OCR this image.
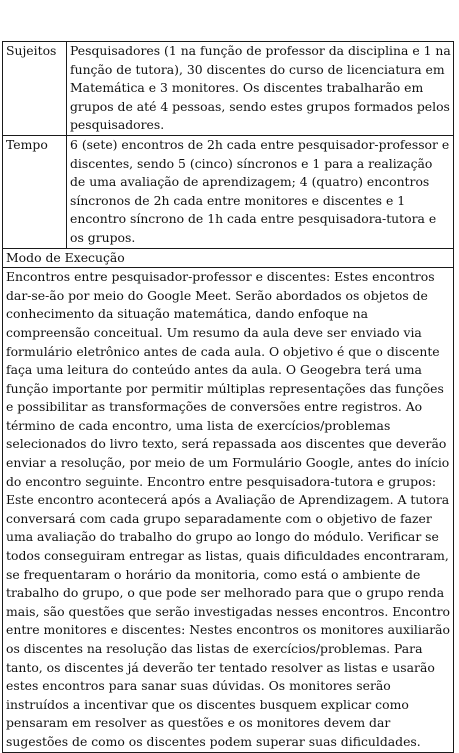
Sujeitos	Pesquisadores (1 na função de professor da disciplina e 1 na função de tutora), 30 discentes do curso de licenciatura em Matemática e 3 monitores. Os discentes trabalharão em grupos de até 4 pessoas, sendo estes grupos formados pelos pesquisadores.
Tempo	6 (sete) encontros de 2h cada entre pesquisador-professor e discentes, sendo 5 (cinco) síncronos e 1 para a realização de uma avaliação de aprendizagem; 4 (quatro) encontros síncronos de 2h cada entre monitores e discentes e 1 encontro síncrono de 1h cada entre pesquisadora-tutora e os grupos.
Modo de Execução	
Encontros entre pesquisador-professor e discentes: Estes encontros dar-se-ão por meio do Google Meet. Serão abordados os objetos de conhecimento da situação matemática, dando enfoque na compreensão conceitual. Um resumo da aula deve ser enviado via formulário eletrônico antes de cada aula. O objetivo é que o discente faça uma leitura do conteúdo antes da aula. O Geogebra terá uma função importante por permitir múltiplas representações das funções e possibilitar as transformações de conversões entre registros. Ao término de cada encontro, uma lista de exercícios/problemas selecionados do livro texto, será repassada aos discentes que deverão enviar a resolução, por meio de um Formulário Google, antes do início do encontro seguinte. Encontro entre pesquisadora-tutora e grupos: Este encontro acontecerá após a Avaliação de Aprendizagem. A tutora conversará com cada grupo separadamente com o objetivo de fazer uma avaliação do trabalho do grupo ao longo do módulo. Verificar se todos conseguiram entregar as listas, quais dificuldades encontraram, se frequentaram o horário da monitoria, como está o ambiente de trabalho do grupo, o que pode ser melhorado para que o grupo renda mais, são questões que serão investigadas nesses encontros. Encontro entre monitores e discentes: Nestes encontros os monitores auxiliarão os discentes na resolução das listas de exercícios/problemas. Para tanto, os discentes já deverão ter tentado resolver as listas e usarão estes encontros para sanar suas dúvidas. Os monitores serão instruídos a incentivar que os discentes busquem explicar como pensaram em resolver as questões e os monitores devem dar sugestões de como os discentes podem superar suas dificuldades.	
